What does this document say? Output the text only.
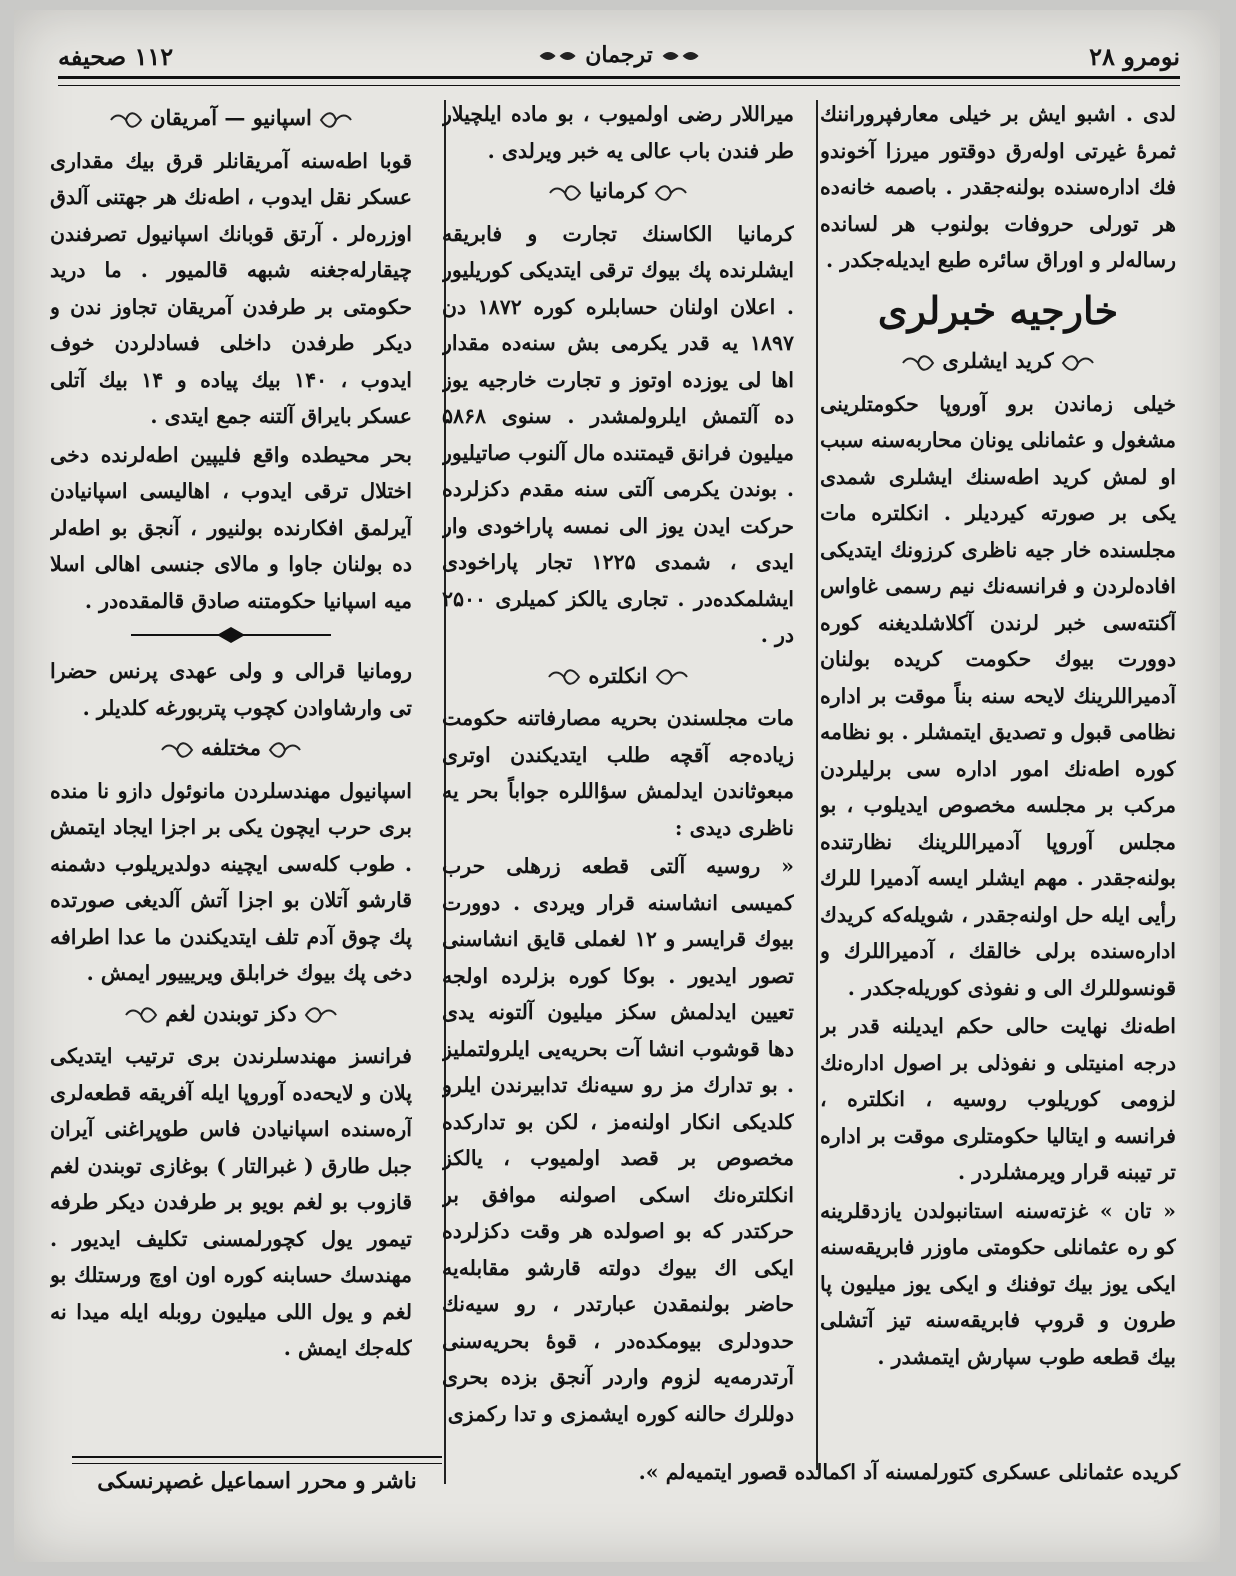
نومرو ۲۸
ترجمان
۱۱۲ صحيفه

لدی . اشبو ايش بر خيلی معارفپروراننك ثمرۀ غيرتی اولەرق دوقتور ميرزا آخوندو فك ادارەسندە بولنەجقدر . باصمە خانەدە هر تورلی حروفات بولنوب هر لساندە رسالەلر و اوراق سائرە طبع ايديلەجكدر .

خارجيه خبرلری
كريد ايشلری

خيلی زماندن برو آوروپا حكومتلرينی مشغول و عثمانلی يونان محاربەسنه سبب او لمش كريد اطەسنك ايشلری شمدی يكی بر صورته كيرديلر . انكلترە مات مجلسندە خار جيه ناظری كرزونك ايتديكی افادەلردن و فرانسەنك نيم رسمی غاواس آكنتەسی خبر لرندن آكلاشلديغنه كوره دوورت بيوك حكومت كريدە بولنان آدميراللرينك لايحه سنه بناً موقت بر ادارە نظامی قبول و تصديق ايتمشلر . بو نظامه كوره اطەنك امور ادارە سی برليلردن مركب بر مجلسه مخصوص ايديلوب ، بو مجلس آوروپا آدميراللرينك نظارتنده بولنەجقدر . مهم ايشلر ايسه آدميرا للرك رأيی ايله حل اولنەجقدر ، شويلەكه كريدك ادارەسندە برلی خالقك ، آدميراللرك و قونسوللرك الی و نفوذی كوريلەجكدر .

اطەنك نهايت حالی حكم ايديلنه قدر بر درجه امنيتلی و نفوذلی بر اصول ادارەنك لزومی كوريلوب روسيه ، انكلترە ، فرانسه و ايتاليا حكومتلری موقت بر ادارە تر تيبنه قرار ويرمشلردر .

« تان » غزتەسنه استانبولدن يازدقلرينه كو رە عثمانلی حكومتی ماوزر فابريقەسنه ايكی يوز بيك توفنك و ايكی يوز ميليون پا طرون و قروپ فابريقەسنه تيز آتشلی بيك قطعه طوب سپارش ايتمشدر .

ميراللار رضی اولميوب ، بو مادە ايلچيلار طر فندن باب عالی يه خبر ويرلدی .

كرمانيا

كرمانيا الكاسنك تجارت و فابريقه ايشلرنده پك بيوك ترقی ايتديكی كوريليور . اعلان اولنان حسابلره كوره ۱۸۷۲ دن ۱۸۹۷ يه قدر يكرمی بش سنەدە مقدار اها لی يوزدە اوتوز و تجارت خارجيه يوز دە آلتمش ايلرولمشدر . سنوی ۵۸۶۸ ميليون فرانق قيمتندە مال آلنوب صاتيليور . بوندن يكرمی آلتی سنه مقدم دكزلردە حركت ايدن يوز الی نمسه پاراخودی وار ايدی ، شمدی ۱۲۲۵ تجار پاراخودی ايشلمكدەدر . تجاری يالكز كميلری ۲۵۰۰ در .

انكلترە

مات مجلسندن بحريه مصارفاتنه حكومت زيادەجه آقچه طلب ايتديكندن اوترى مبعوثاندن ايدلمش سؤاللره جواباً بحر يه ناظری ديدی :

« روسيه آلتی قطعه زرهلی حرب كميسی انشاسنه قرار ويردی . دوورت بيوك قرايسر و ۱۲ لغملی قايق انشاسنی تصور ايديور . بوكا كوره بزلردە اولجه تعيين ايدلمش سكز ميليون آلتونه يدی دها قوشوب انشا آت بحريەيی ايلرولتمليز . بو تدارك مز رو سيەنك تدابيرندن ايلرو كلديكی انكار اولنەمز ، لكن بو تداركدە مخصوص بر قصد اولميوب ، يالكز انكلترەنك اسكی اصولنه موافق بر حركتدر كه بو اصولدە هر وقت دكزلردە ايكی اك بيوك دولته قارشو مقابلەيه حاضر بولنمقدن عبارتدر ، رو سيەنك حدودلری بيومكدەدر ، قوۀ بحريەسنی آرتدرمەيه لزوم واردر آنجق بزدە بحری دوللرك حالنه كوره ايشمزی و تدا ركمزی

اسپانيو — آمريقان

قوبا اطەسنه آمريقانلر قرق بيك مقداری عسكر نقل ايدوب ، اطەنك هر جهتنی آلدق اوزرەلر . آرتق قوبانك اسپانيول تصرفندن چيقارلەجغنه شبهه قالميور . ما دريد حكومتی بر طرفدن آمريقان تجاوز ندن و ديكر طرفدن داخلی فسادلردن خوف ايدوب ، ۱۴۰ بيك پيادە و ۱۴ بيك آتلی عسكر بايراق آلتنه جمع ايتدی .

بحر محيطدە واقع فليپين اطەلرندە دخی اختلال ترقی ايدوب ، اهاليسی اسپانيادن آيرلمق افكارندە بولنيور ، آنجق بو اطەلر دە بولنان جاوا و مالای جنسی اهالی اسلا ميه اسپانيا حكومتنه صادق قالمقدەدر .

رومانيا قرالی و ولی عهدی پرنس حضرا تی وارشاوادن كچوب پتربورغه كلديلر .

مختلفه

اسپانيول مهندسلردن مانوئول دازو نا مندە بری حرب ايچون يكی بر اجزا ايجاد ايتمش . طوب كلەسی ايچينه دولديريلوب دشمنه قارشو آتلان بو اجزا آتش آلديغی صورتدە پك چوق آدم تلف ايتديكندن ما عدا اطرافه دخی پك بيوك خرابلق ويريييور ايمش .

دكز توبندن لغم

فرانسز مهندسلرندن بری ترتيب ايتديكی پلان و لايحەدە آوروپا ايله آفريقه قطعەلری آرەسندە اسپانيادن فاس طوپراغنی آيران جبل طارق ( غبرالتار ) بوغازی توبندن لغم قازوب بو لغم بويو بر طرفدن ديكر طرفه تيمور يول كچورلمسنی تكليف ايديور . مهندسك حسابنه كوره اون اوچ ورستلك بو لغم و يول اللی ميليون روبله ايله ميدا نه كلەجك ايمش .

كريدە عثمانلی عسكری كتورلمسنه آد اكمالدە قصور ايتميەلم ».
ناشر و محرر اسماعيل غصپرنسكی
